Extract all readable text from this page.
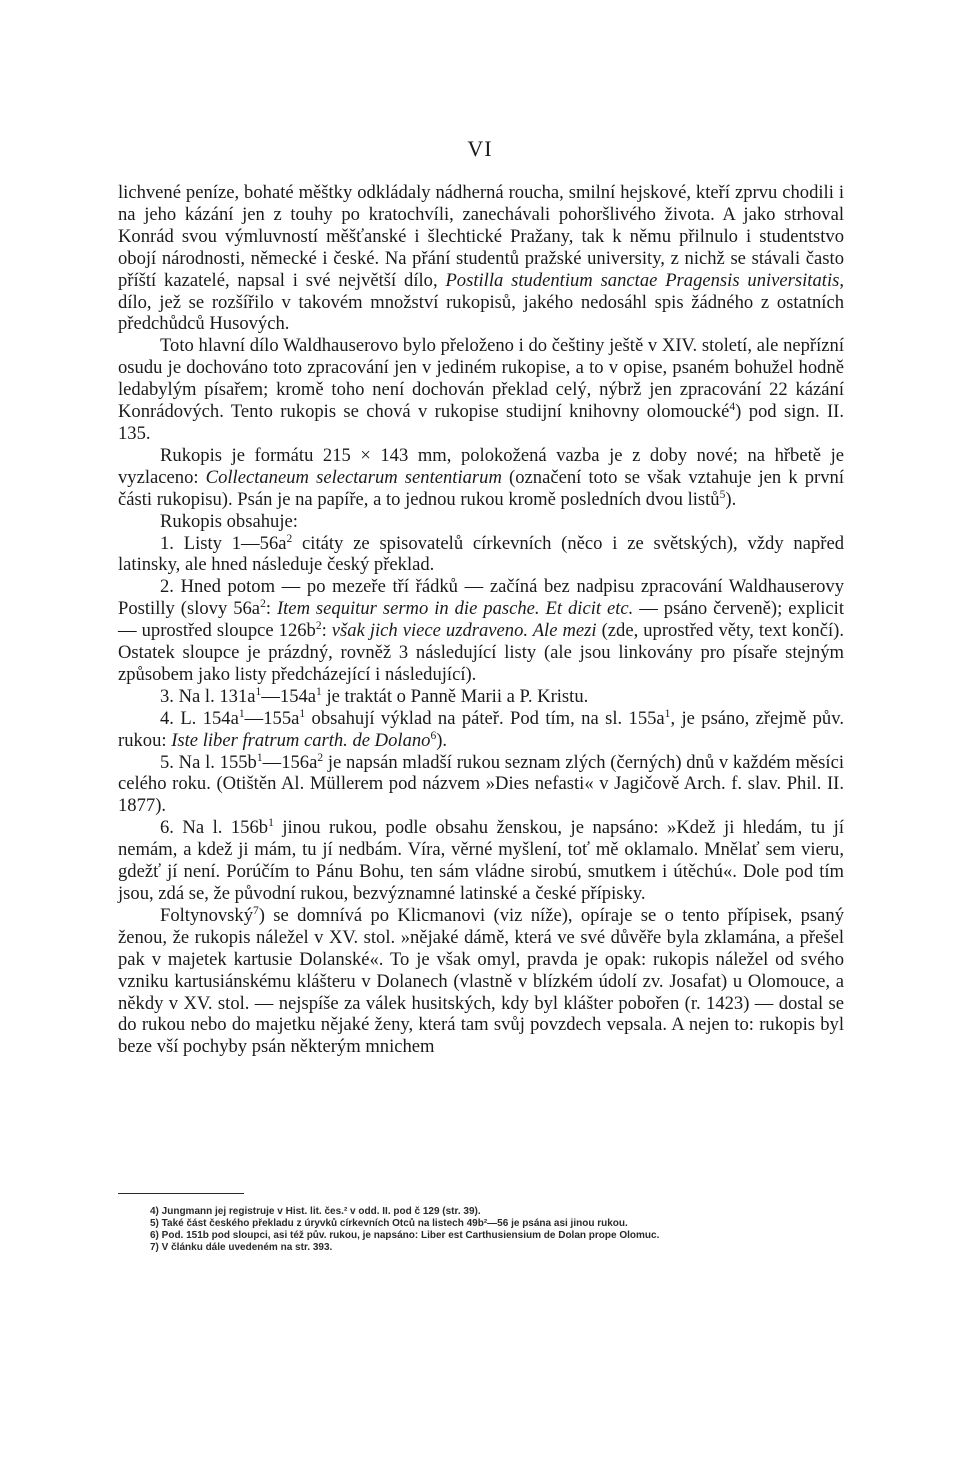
VI

lichvené peníze, bohaté měštky odkládaly nádherná roucha, smilní hejskové, kteří zprvu chodili i na jeho kázání jen z touhy po kratochvíli, zanechávali pohoršlivého života. A jako strhoval Konrád svou výmluvností měšťanské i šlechtické Pražany, tak k němu přilnulo i studentstvo obojí národnosti, německé i české. Na přání studentů pražské university, z nichž se stávali často příští kazatelé, napsal i své největší dílo, Postilla studentium sanctae Pragensis universitatis, dílo, jež se rozšířilo v takovém množství rukopisů, jakého nedosáhl spis žádného z ostatních předchůdců Husových.

Toto hlavní dílo Waldhauserovo bylo přeloženo i do češtiny ještě v XIV. století, ale nepřízní osudu je dochováno toto zpracování jen v jediném rukopise, a to v opise, psaném bohužel hodně ledabylým písařem; kromě toho není dochován překlad celý, nýbrž jen zpracování 22 kázání Konrádových. Tento rukopis se chová v rukopise studijní knihovny olomoucké$^4$) pod sign. II. 135.

Rukopis je formátu 215 × 143 mm, polokožená vazba je z doby nové; na hřbetě je vyzlaceno: Collectaneum selectarum sententiarum (označení toto se však vztahuje jen k první části rukopisu). Psán je na papíře, a to jednou rukou kromě posledních dvou listů$^5$).

Rukopis obsahuje:

1. Listy $1—56a^2$ citáty ze spisovatelů církevních (něco i ze světských), vždy napřed latinsky, ale hned následuje český překlad.

2. Hned potom — po mezeře tří řádků — začíná bez nadpisu zpracování Waldhauserovy Postilly (slovy $56a^2$: Item sequitur sermo in die pasche. Et dicit etc. — psáno červeně); explicit — uprostřed sloupce $126b^2$: však jich viece uzdraveno. Ale mezi (zde, uprostřed věty, text končí). Ostatek sloupce je prázdný, rovněž 3 následující listy (ale jsou linkovány pro písaře stejným způsobem jako listy předcházející i následující).

3. Na l. $131a^1—154a^1$ je traktát o Panně Marii a P. Kristu.

4. L. $154a^1—155a^1$ obsahují výklad na páteř. Pod tím, na sl. $155a^1$, je psáno, zřejmě pův. rukou: Iste liber fratrum carth. de Dolano$^6$).

5. Na l. $155b^1—156a^2$ je napsán mladší rukou seznam zlých (černých) dnů v každém měsíci celého roku. (Otištěn Al. Müllerem pod názvem »Dies nefasti« v Jagičově Arch. f. slav. Phil. II. 1877).

6. Na l. $156b^1$ jinou rukou, podle obsahu ženskou, je napsáno: »Kdež ji hledám, tu jí nemám, a kdež ji mám, tu jí nedbám. Víra, věrné myšlení, toť mě oklamalo. Mnělať sem vieru, gdežť jí není. Porúčím to Pánu Bohu, ten sám vládne sirobú, smutkem i útěchú«. Dole pod tím jsou, zdá se, že původní rukou, bezvýznamné latinské a české přípisky.

Foltynovský$^7$) se domnívá po Klicmanovi (viz níže), opíraje se o tento přípisek, psaný ženou, že rukopis náležel v XV. stol. »nějaké dámě, která ve své důvěře byla zklamána, a přešel pak v majetek kartusie Dolanské«. To je však omyl, pravda je opak: rukopis náležel od svého vzniku kartusiánskému klášteru v Dolanech (vlastně v blízkém údolí zv. Josafat) u Olomouce, a někdy v XV. stol. — nejspíše za válek husitských, kdy byl klášter pobořen (r. 1423) — dostal se do rukou nebo do majetku nějaké ženy, která tam svůj povzdech vepsala. A nejen to: rukopis byl beze vší pochyby psán některým mnichem

4) Jungmann jej registruje v Hist. lit. čes.² v odd. II. pod č 129 (str. 39).
5) Také část českého překladu z úryvků církevních Otců na listech 49b²—56 je psána asi jinou rukou.
6) Pod. 151b pod sloupci, asi též pův. rukou, je napsáno: Liber est Carthusiensium de Dolan prope Olomuc.
7) V článku dále uvedeném na str. 393.
